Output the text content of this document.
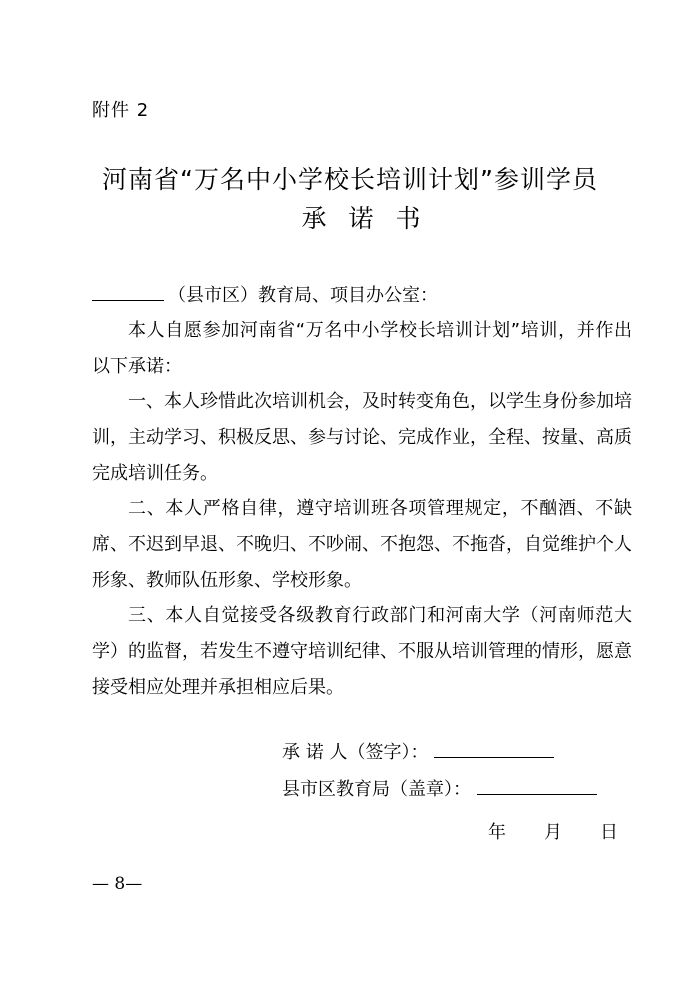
附件 2
河南省“万名中小学校长培训计划”参训学员
承诺书
（县市区）教育局、项目办公室：

本人自愿参加河南省“万名中小学校长培训计划”培训，并作出以下承诺：

一、本人珍惜此次培训机会，及时转变角色，以学生身份参加培训，主动学习、积极反思、参与讨论、完成作业，全程、按量、高质完成培训任务。

二、本人严格自律，遵守培训班各项管理规定，不酗酒、不缺席、不迟到早退、不晚归、不吵闹、不抱怨、不拖沓，自觉维护个人形象、教师队伍形象、学校形象。

三、本人自觉接受各级教育行政部门和河南大学（河南师范大学）的监督，若发生不遵守培训纪律、不服从培训管理的情形，愿意接受相应处理并承担相应后果。

承 诺 人（签字）：
县市区教育局（盖章）：
年 月 日
— 8—
